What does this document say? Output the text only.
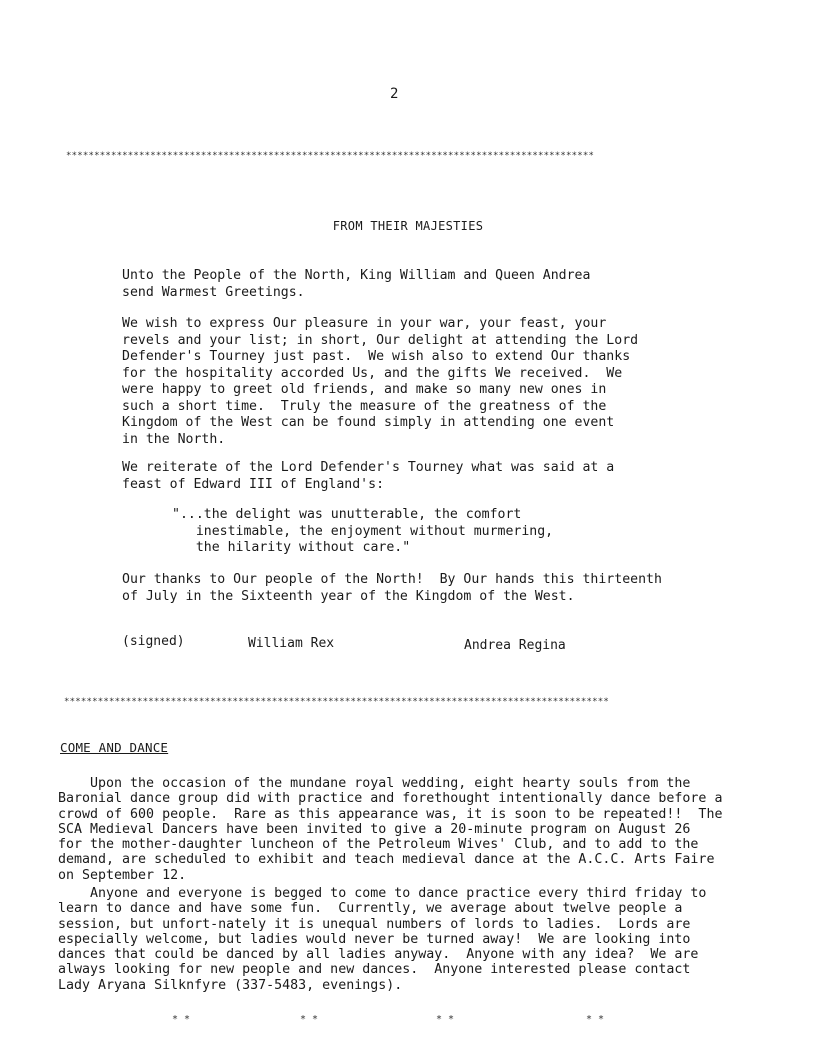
2
**********************************************************************************************
FROM THEIR MAJESTIES
Unto the People of the North, King William and Queen Andrea
send Warmest Greetings.
We wish to express Our pleasure in your war, your feast, your
revels and your list; in short, Our delight at attending the Lord
Defender's Tourney just past.  We wish also to extend Our thanks
for the hospitality accorded Us, and the gifts We received.  We
were happy to greet old friends, and make so many new ones in
such a short time.  Truly the measure of the greatness of the
Kingdom of the West can be found simply in attending one event
in the North.
We reiterate of the Lord Defender's Tourney what was said at a
feast of Edward III of England's:
"...the delight was unutterable, the comfort
inestimable, the enjoyment without murmering,
the hilarity without care."
Our thanks to Our people of the North!  By Our hands this thirteenth
of July in the Sixteenth year of the Kingdom of the West.
(signed)	William Rex	Andrea Regina
*************************************************************************************************
COME AND DANCE
Upon the occasion of the mundane royal wedding, eight hearty souls from the
Baronial dance group did with practice and forethought intentionally dance before a
crowd of 600 people.  Rare as this appearance was, it is soon to be repeated!!  The
SCA Medieval Dancers have been invited to give a 20-minute program on August 26
for the mother-daughter luncheon of the Petroleum Wives' Club, and to add to the
demand, are scheduled to exhibit and teach medieval dance at the A.C.C. Arts Faire
on September 12.
Anyone and everyone is begged to come to dance practice every third friday to
learn to dance and have some fun.  Currently, we average about twelve people a
session, but unfort-nately it is unequal numbers of lords to ladies.  Lords are
especially welcome, but ladies would never be turned away!  We are looking into
dances that could be danced by all ladies anyway.  Anyone with any idea?  We are
always looking for new people and new dances.  Anyone interested please contact
Lady Aryana Silknfyre (337-5483, evenings).
* *	* *	* *	* *
